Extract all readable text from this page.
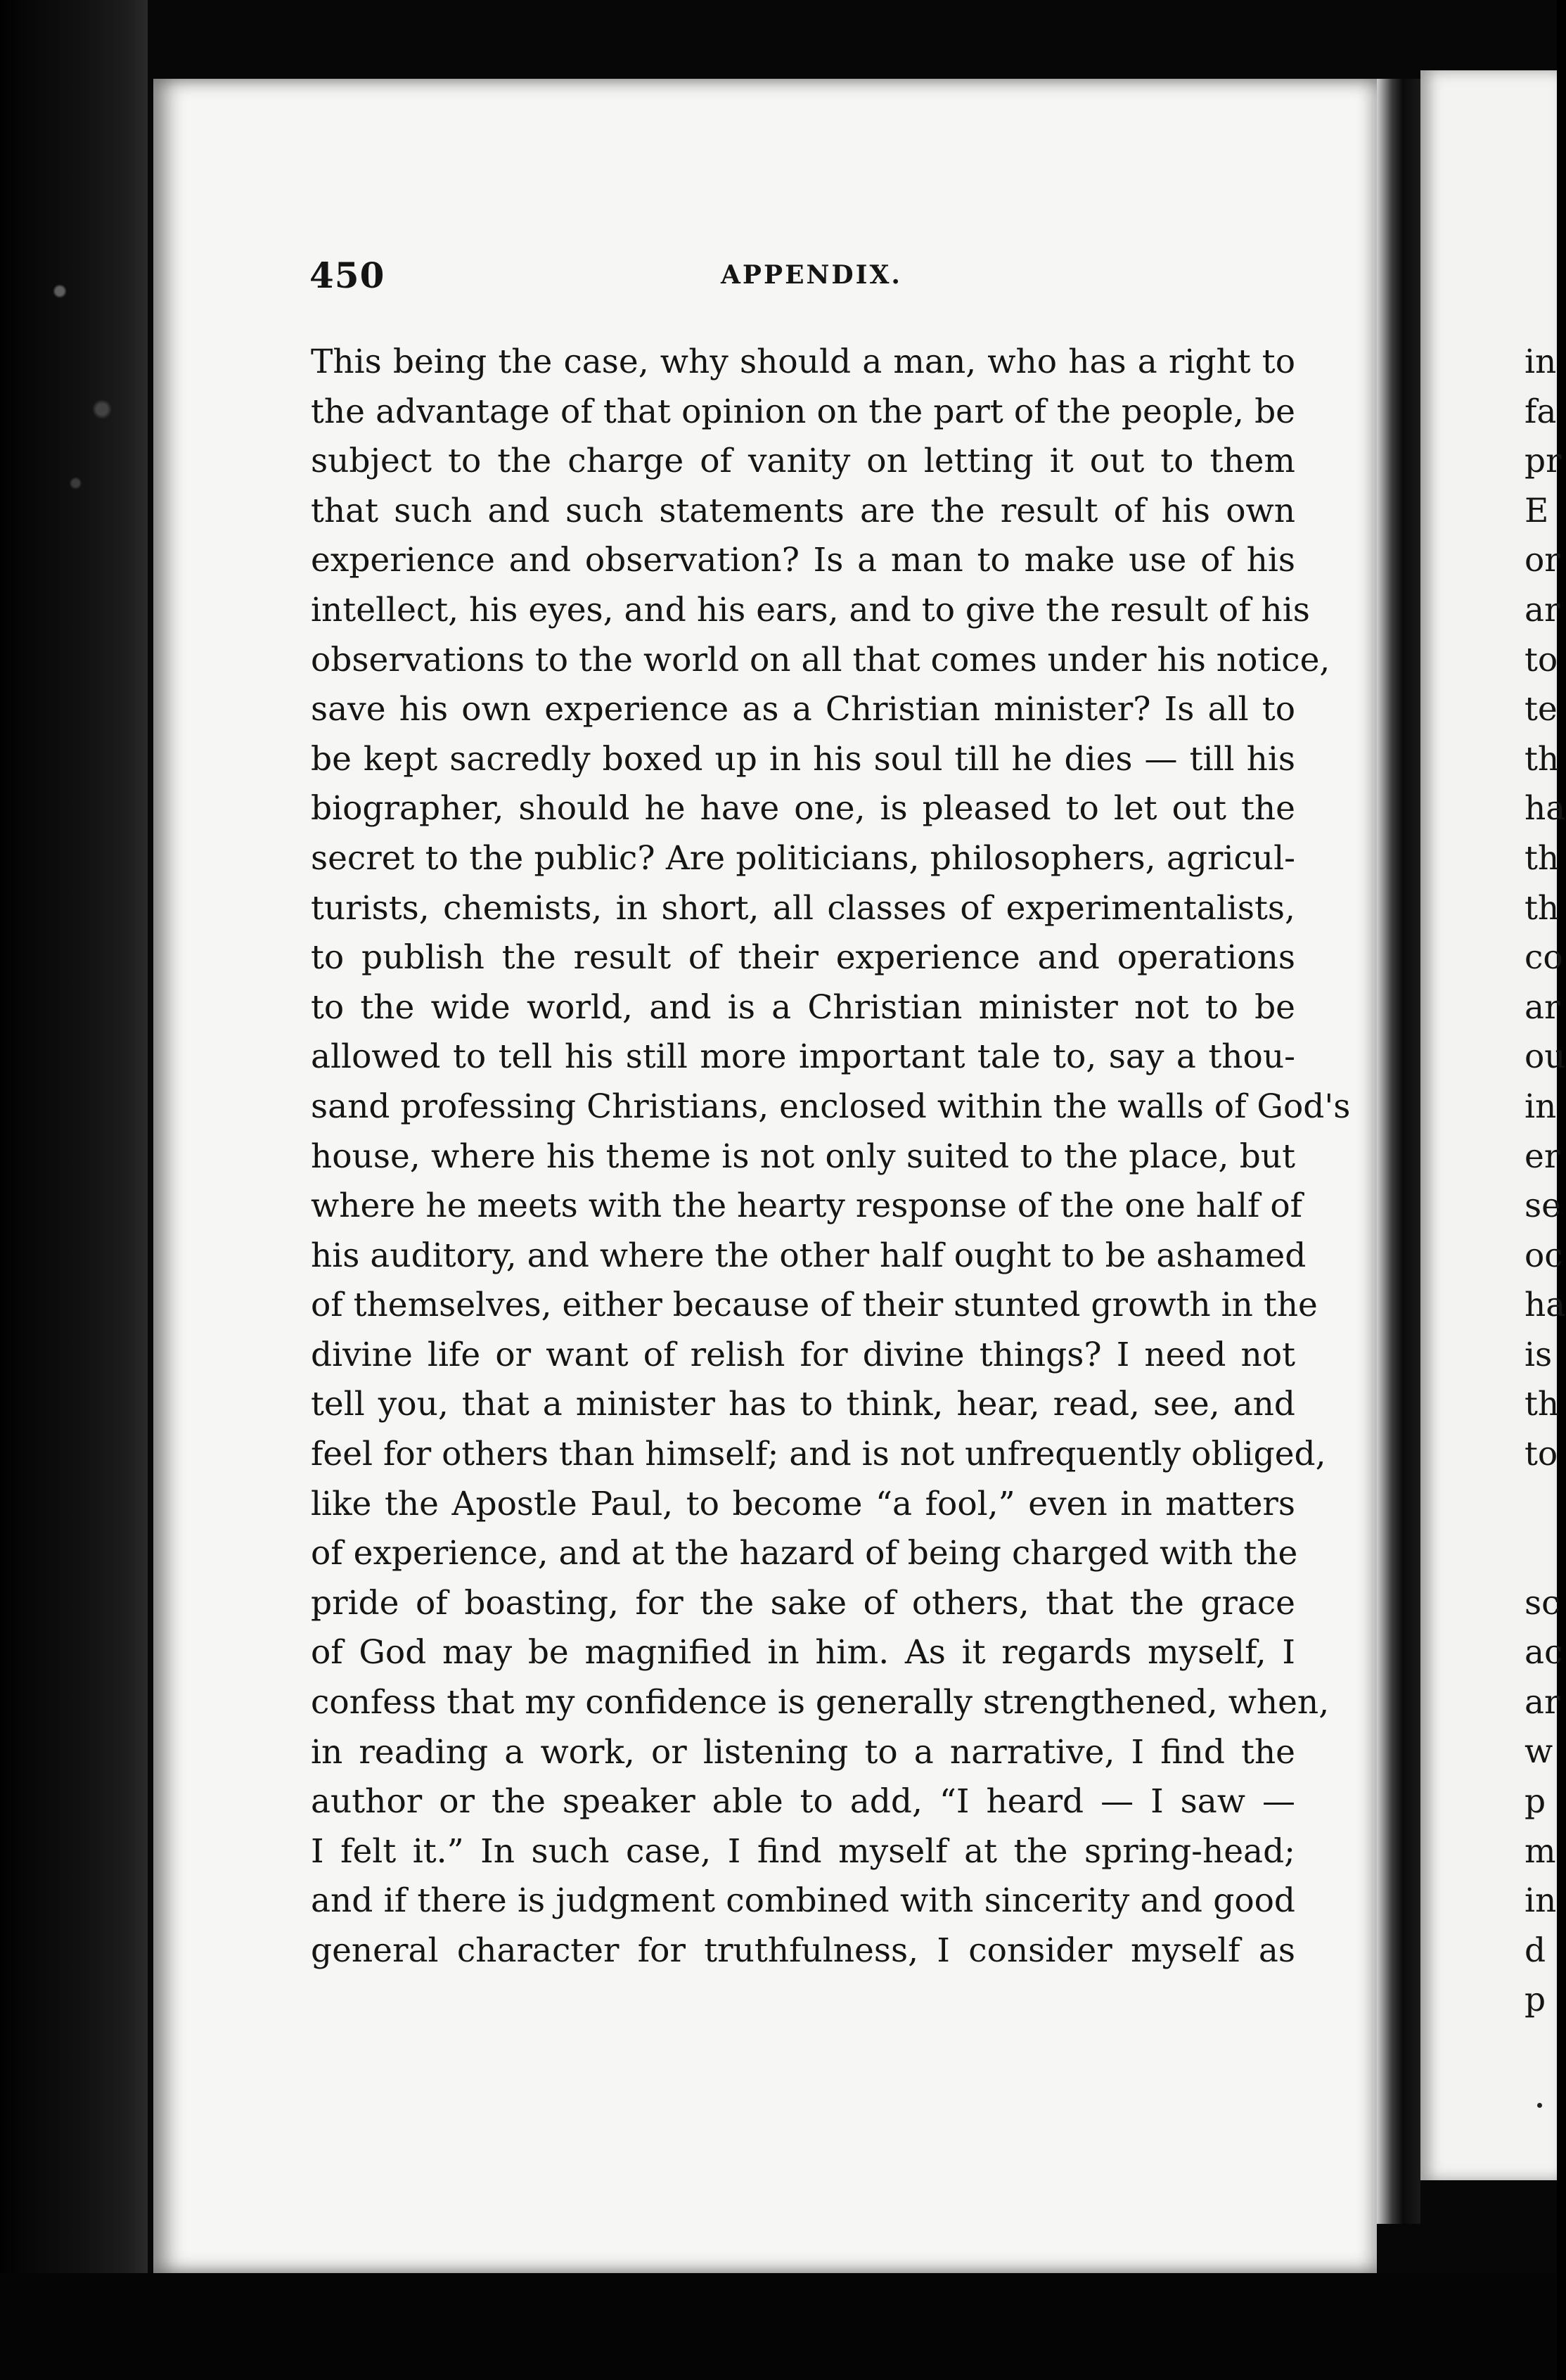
450	APPENDIX.
This being the case, why should a man, who has a right to
the advantage of that opinion on the part of the people, be
subject to the charge of vanity on letting it out to them
that such and such statements are the result of his own
experience and observation? Is a man to make use of his
intellect, his eyes, and his ears, and to give the result of his
observations to the world on all that comes under his notice,
save his own experience as a Christian minister? Is all to
be kept sacredly boxed up in his soul till he dies — till his
biographer, should he have one, is pleased to let out the
secret to the public? Are politicians, philosophers, agricul-
turists, chemists, in short, all classes of experimentalists,
to publish the result of their experience and operations
to the wide world, and is a Christian minister not to be
allowed to tell his still more important tale to, say a thou-
sand professing Christians, enclosed within the walls of God's
house, where his theme is not only suited to the place, but
where he meets with the hearty response of the one half of
his auditory, and where the other half ought to be ashamed
of themselves, either because of their stunted growth in the
divine life or want of relish for divine things? I need not
tell you, that a minister has to think, hear, read, see, and
feel for others than himself; and is not unfrequently obliged,
like the Apostle Paul, to become “a fool,” even in matters
of experience, and at the hazard of being charged with the
pride of boasting, for the sake of others, that the grace
of God may be magnified in him. As it regards myself, I
confess that my confidence is generally strengthened, when,
in reading a work, or listening to a narrative, I find the
author or the speaker able to add, “I heard — I saw —
I felt it.” In such case, I find myself at the spring-head;
and if there is judgment combined with sincerity and good
general character for truthfulness, I consider myself as
in
fa
pr
E
or
ar
to
te
th
ha
th
th
co
ar
ou
in
er
se
oc
ha
is
th
to
sc
ac
ar
w
p
m
in
d
p
